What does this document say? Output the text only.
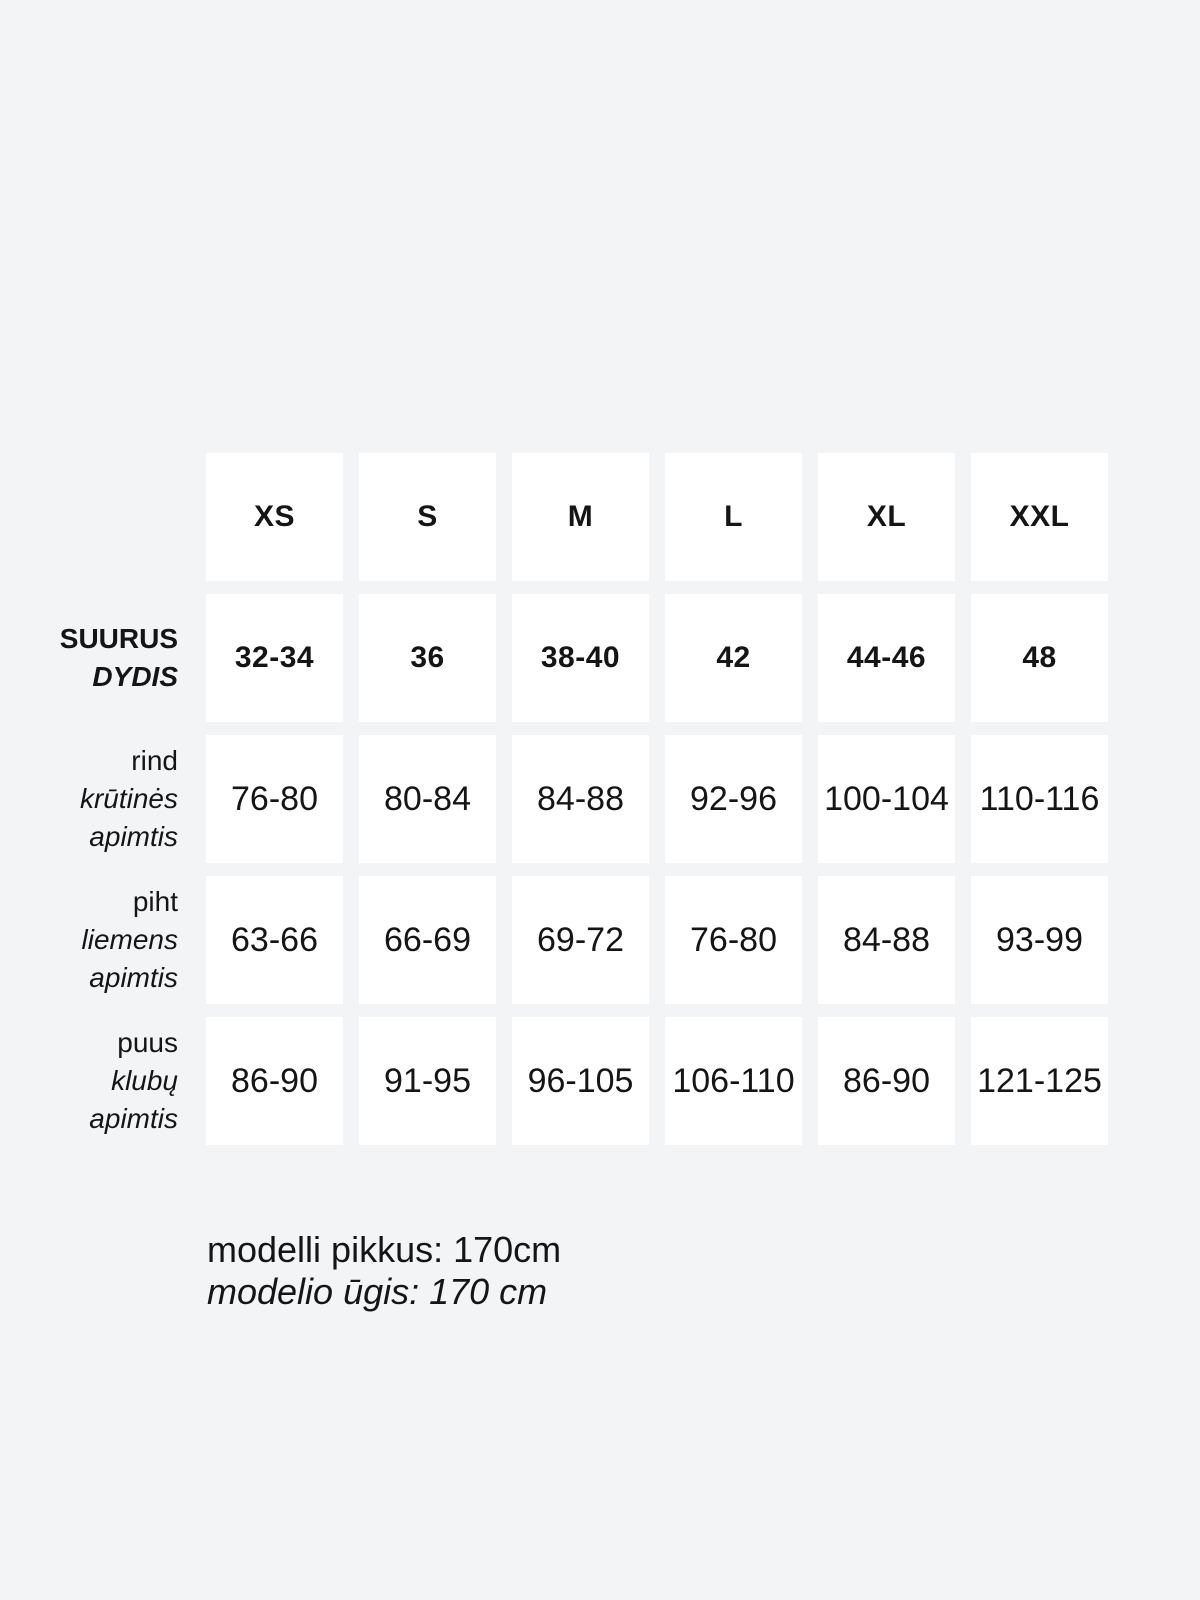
XS	S	M	L	XL	XXL
SUURUS
DYDIS
32-34	36	38-40	42	44-46	48
rind
krūtinės
apimtis
76-80 80-84 84-88 92-96 100-104 110-116
piht
liemens
apimtis
63-66 66-69 69-72 76-80 84-88 93-99
puus
klubų
apimtis
86-90 91-95 96-105 106-110 86-90 121-125
modelli pikkus: 170cm
modelio ūgis: 170 cm
